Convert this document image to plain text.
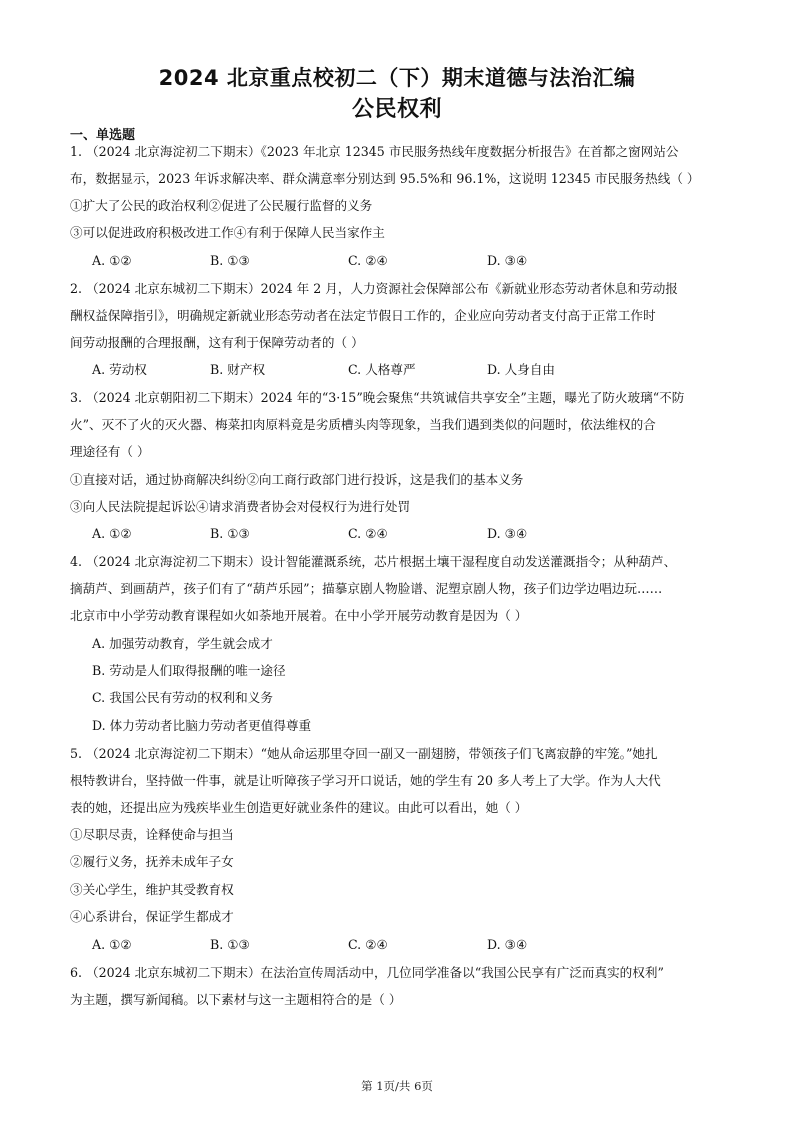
2024 北京重点校初二（下）期末道德与法治汇编
公民权利
一、单选题
1. （2024 北京海淀初二下期末）《2023 年北京 12345 市民服务热线年度数据分析报告》在首都之窗网站公
布，数据显示，2023 年诉求解决率、群众满意率分别达到 95.5%和 96.1%，这说明 12345 市民服务热线（ ）
①扩大了公民的政治权利②促进了公民履行监督的义务
③可以促进政府积极改进工作④有利于保障人民当家作主
A. ①②	B. ①③	C. ②④	D. ③④
2. （2024 北京东城初二下期末）2024 年 2 月，人力资源社会保障部公布《新就业形态劳动者休息和劳动报
酬权益保障指引》，明确规定新就业形态劳动者在法定节假日工作的，企业应向劳动者支付高于正常工作时
间劳动报酬的合理报酬，这有利于保障劳动者的（ ）
A. 劳动权	B. 财产权	C. 人格尊严	D. 人身自由
3. （2024 北京朝阳初二下期末）2024 年的“3·15”晚会聚焦“共筑诚信共享安全”主题，曝光了防火玻璃“不防
火”、灭不了火的灭火器、梅菜扣肉原料竟是劣质槽头肉等现象，当我们遇到类似的问题时，依法维权的合
理途径有（ ）
①直接对话，通过协商解决纠纷②向工商行政部门进行投诉，这是我们的基本义务
③向人民法院提起诉讼④请求消费者协会对侵权行为进行处罚
A. ①②	B. ①③	C. ②④	D. ③④
4. （2024 北京海淀初二下期末）设计智能灌溉系统，芯片根据土壤干湿程度自动发送灌溉指令；从种葫芦、
摘葫芦、到画葫芦，孩子们有了“葫芦乐园”；描摹京剧人物脸谱、泥塑京剧人物，孩子们边学边唱边玩……
北京市中小学劳动教育课程如火如荼地开展着。在中小学开展劳动教育是因为（ ）
A. 加强劳动教育，学生就会成才
B. 劳动是人们取得报酬的唯一途径
C. 我国公民有劳动的权利和义务
D. 体力劳动者比脑力劳动者更值得尊重
5. （2024 北京海淀初二下期末）“她从命运那里夺回一副又一副翅膀，带领孩子们飞离寂静的牢笼。”她扎
根特教讲台，坚持做一件事，就是让听障孩子学习开口说话，她的学生有 20 多人考上了大学。作为人大代
表的她，还提出应为残疾毕业生创造更好就业条件的建议。由此可以看出，她（ ）
①尽职尽责，诠释使命与担当
②履行义务，抚养未成年子女
③关心学生，维护其受教育权
④心系讲台，保证学生都成才
A. ①②	B. ①③	C. ②④	D. ③④
6. （2024 北京东城初二下期末）在法治宣传周活动中，几位同学准备以“我国公民享有广泛而真实的权利”
为主题，撰写新闻稿。以下素材与这一主题相符合的是（ ）
第 1页/共 6页
